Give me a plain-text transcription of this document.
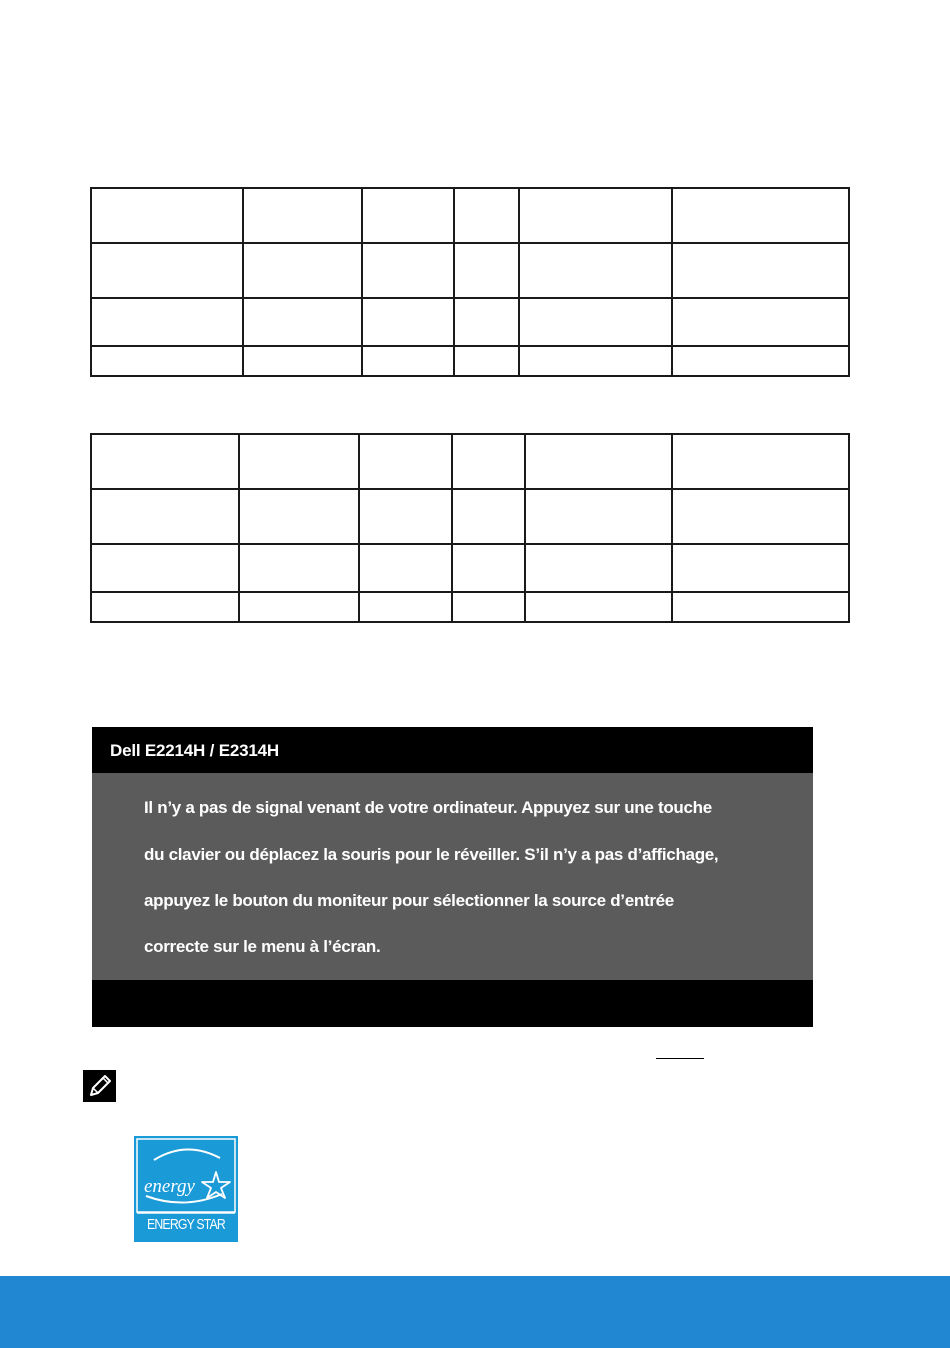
Dell E2214H / E2314H
Il n’y a pas de signal venant de votre ordinateur. Appuyez sur une touche
du clavier ou déplacez la souris pour le réveiller. S’il n’y a pas d’affichage,
appuyez le bouton du moniteur pour sélectionner la source d’entrée
correcte sur le menu à l’écran.
energy
ENERGY STAR
